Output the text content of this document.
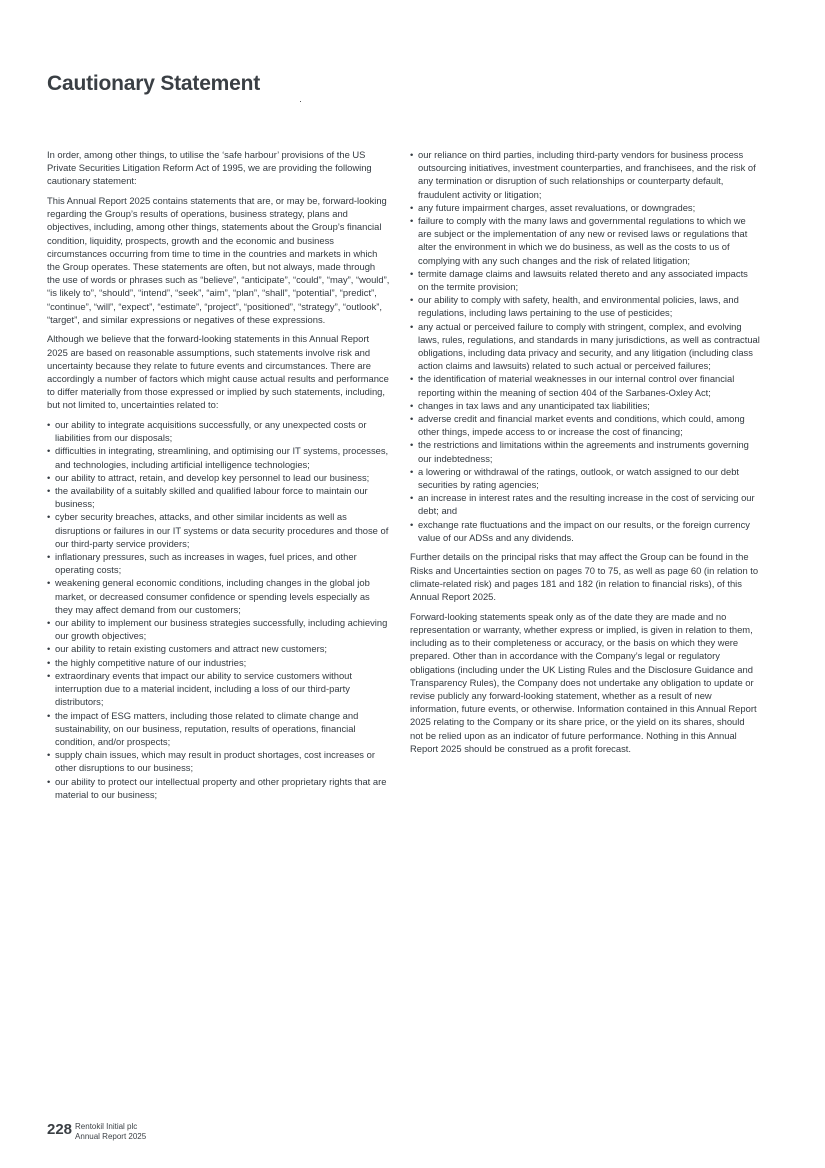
Cautionary Statement

In order, among other things, to utilise the ‘safe harbour’ provisions of the US Private Securities Litigation Reform Act of 1995, we are providing the following cautionary statement:

This Annual Report 2025 contains statements that are, or may be, forward-looking regarding the Group’s results of operations, business strategy, plans and objectives, including, among other things, statements about the Group’s financial condition, liquidity, prospects, growth and the economic and business circumstances occurring from time to time in the countries and markets in which the Group operates. These statements are often, but not always, made through the use of words or phrases such as “believe”, “anticipate”, “could”, “may”, “would”, “is likely to”, “should”, “intend”, “seek”, “aim”, “plan”, “shall”, “potential”, “predict”, “continue”, “will”, “expect”, “estimate”, “project”, “positioned”, “strategy”, “outlook”, “target”, and similar expressions or negatives of these expressions.

Although we believe that the forward-looking statements in this Annual Report 2025 are based on reasonable assumptions, such statements involve risk and uncertainty because they relate to future events and circumstances. There are accordingly a number of factors which might cause actual results and performance to differ materially from those expressed or implied by such statements, including, but not limited to, uncertainties related to:

• our ability to integrate acquisitions successfully, or any unexpected costs or liabilities from our disposals;
• difficulties in integrating, streamlining, and optimising our IT systems, processes, and technologies, including artificial intelligence technologies;
• our ability to attract, retain, and develop key personnel to lead our business;
• the availability of a suitably skilled and qualified labour force to maintain our business;
• cyber security breaches, attacks, and other similar incidents as well as disruptions or failures in our IT systems or data security procedures and those of our third-party service providers;
• inflationary pressures, such as increases in wages, fuel prices, and other operating costs;
• weakening general economic conditions, including changes in the global job market, or decreased consumer confidence or spending levels especially as they may affect demand from our customers;
• our ability to implement our business strategies successfully, including achieving our growth objectives;
• our ability to retain existing customers and attract new customers;
• the highly competitive nature of our industries;
• extraordinary events that impact our ability to service customers without interruption due to a material incident, including a loss of our third-party distributors;
• the impact of ESG matters, including those related to climate change and sustainability, on our business, reputation, results of operations, financial condition, and/or prospects;
• supply chain issues, which may result in product shortages, cost increases or other disruptions to our business;
• our ability to protect our intellectual property and other proprietary rights that are material to our business;
• our reliance on third parties, including third-party vendors for business process outsourcing initiatives, investment counterparties, and franchisees, and the risk of any termination or disruption of such relationships or counterparty default, fraudulent activity or litigation;
• any future impairment charges, asset revaluations, or downgrades;
• failure to comply with the many laws and governmental regulations to which we are subject or the implementation of any new or revised laws or regulations that alter the environment in which we do business, as well as the costs to us of complying with any such changes and the risk of related litigation;
• termite damage claims and lawsuits related thereto and any associated impacts on the termite provision;
• our ability to comply with safety, health, and environmental policies, laws, and regulations, including laws pertaining to the use of pesticides;
• any actual or perceived failure to comply with stringent, complex, and evolving laws, rules, regulations, and standards in many jurisdictions, as well as contractual obligations, including data privacy and security, and any litigation (including class action claims and lawsuits) related to such actual or perceived failures;
• the identification of material weaknesses in our internal control over financial reporting within the meaning of section 404 of the Sarbanes-Oxley Act;
• changes in tax laws and any unanticipated tax liabilities;
• adverse credit and financial market events and conditions, which could, among other things, impede access to or increase the cost of financing;
• the restrictions and limitations within the agreements and instruments governing our indebtedness;
• a lowering or withdrawal of the ratings, outlook, or watch assigned to our debt securities by rating agencies;
• an increase in interest rates and the resulting increase in the cost of servicing our debt; and
• exchange rate fluctuations and the impact on our results, or the foreign currency value of our ADSs and any dividends.

Further details on the principal risks that may affect the Group can be found in the Risks and Uncertainties section on pages 70 to 75, as well as page 60 (in relation to climate-related risk) and pages 181 and 182 (in relation to financial risks), of this Annual Report 2025.

Forward-looking statements speak only as of the date they are made and no representation or warranty, whether express or implied, is given in relation to them, including as to their completeness or accuracy, or the basis on which they were prepared. Other than in accordance with the Company’s legal or regulatory obligations (including under the UK Listing Rules and the Disclosure Guidance and Transparency Rules), the Company does not undertake any obligation to update or revise publicly any forward-looking statement, whether as a result of new information, future events, or otherwise. Information contained in this Annual Report 2025 relating to the Company or its share price, or the yield on its shares, should not be relied upon as an indicator of future performance. Nothing in this Annual Report 2025 should be construed as a profit forecast.

228 Rentokil Initial plc
Annual Report 2025
